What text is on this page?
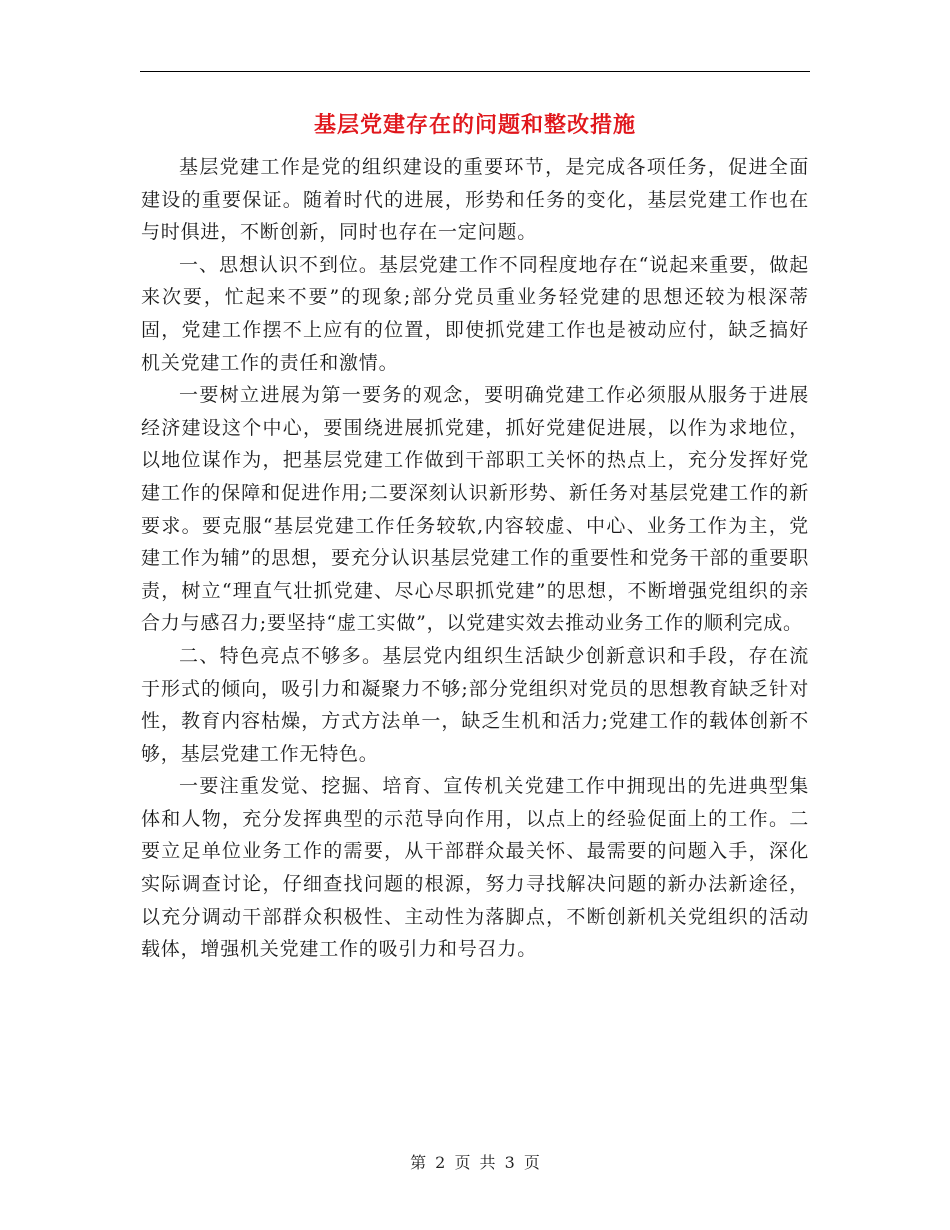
基层党建存在的问题和整改措施

基层党建工作是党的组织建设的重要环节，是完成各项任务，促进全面建设的重要保证。随着时代的进展，形势和任务的变化，基层党建工作也在与时俱进，不断创新，同时也存在一定问题。

一、思想认识不到位。基层党建工作不同程度地存在“说起来重要，做起来次要，忙起来不要”的现象;部分党员重业务轻党建的思想还较为根深蒂固，党建工作摆不上应有的位置，即使抓党建工作也是被动应付，缺乏搞好机关党建工作的责任和激情。

一要树立进展为第一要务的观念，要明确党建工作必须服从服务于进展经济建设这个中心，要围绕进展抓党建，抓好党建促进展，以作为求地位，以地位谋作为，把基层党建工作做到干部职工关怀的热点上，充分发挥好党建工作的保障和促进作用;二要深刻认识新形势、新任务对基层党建工作的新要求。要克服“基层党建工作任务较软,内容较虚、中心、业务工作为主，党建工作为辅”的思想，要充分认识基层党建工作的重要性和党务干部的重要职责，树立“理直气壮抓党建、尽心尽职抓党建”的思想，不断增强党组织的亲合力与感召力;要坚持“虚工实做”，以党建实效去推动业务工作的顺利完成。

二、特色亮点不够多。基层党内组织生活缺少创新意识和手段，存在流于形式的倾向，吸引力和凝聚力不够;部分党组织对党员的思想教育缺乏针对性，教育内容枯燥，方式方法单一，缺乏生机和活力;党建工作的载体创新不够，基层党建工作无特色。

一要注重发觉、挖掘、培育、宣传机关党建工作中拥现出的先进典型集体和人物，充分发挥典型的示范导向作用，以点上的经验促面上的工作。二要立足单位业务工作的需要，从干部群众最关怀、最需要的问题入手，深化实际调查讨论，仔细查找问题的根源，努力寻找解决问题的新办法新途径，以充分调动干部群众积极性、主动性为落脚点，不断创新机关党组织的活动载体，增强机关党建工作的吸引力和号召力。

第 2 页 共 3 页
